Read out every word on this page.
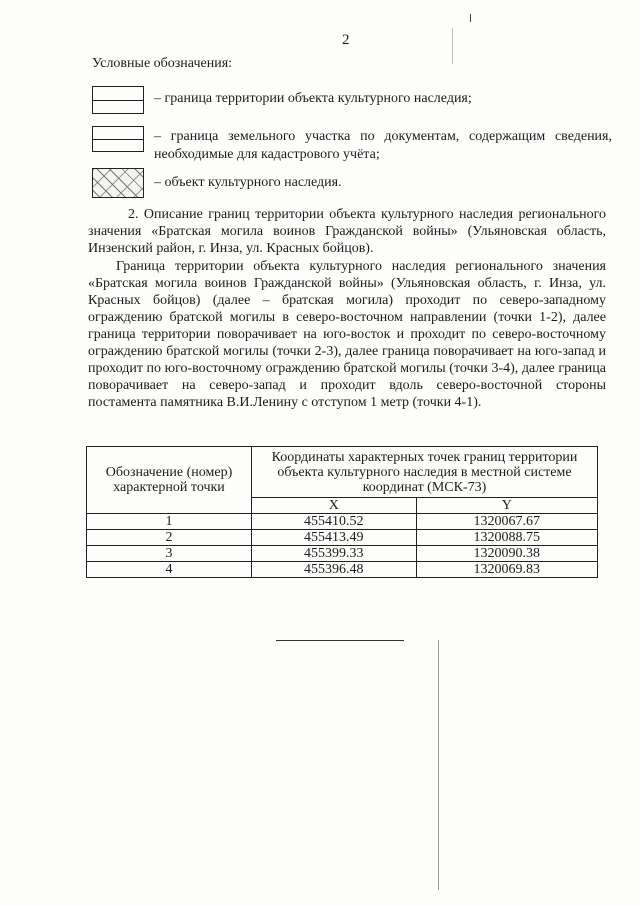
2
Условные обозначения:
– граница территории объекта культурного наследия;
– граница земельного участка по документам, содержащим сведения, необходимые для кадастрового учёта;
– объект культурного наследия.
2. Описание границ территории объекта культурного наследия регионального значения «Братская могила воинов Гражданской войны» (Ульяновская область, Инзенский район, г. Инза, ул. Красных бойцов).
Граница территории объекта культурного наследия регионального значения «Братская могила воинов Гражданской войны» (Ульяновская область, г. Инза, ул. Красных бойцов) (далее – братская могила) проходит по северо-западному ограждению братской могилы в северо-восточном направлении (точки 1-2), далее граница территории поворачивает на юго-восток и проходит по северо-восточному ограждению братской могилы (точки 2-3), далее граница поворачивает на юго-запад и проходит по юго-восточному ограждению братской могилы (точки 3-4), далее граница поворачивает на северо-запад и проходит вдоль северо-восточной стороны постамента памятника В.И.Ленину с отступом 1 метр (точки 4-1).
Обозначение (номер) характерной точки	Координаты характерных точек границ территории объекта культурного наследия в местной системе координат (МСК-73)	
	X	Y
1	455410.52	1320067.67
2	455413.49	1320088.75
3	455399.33	1320090.38
4	455396.48	1320069.83
